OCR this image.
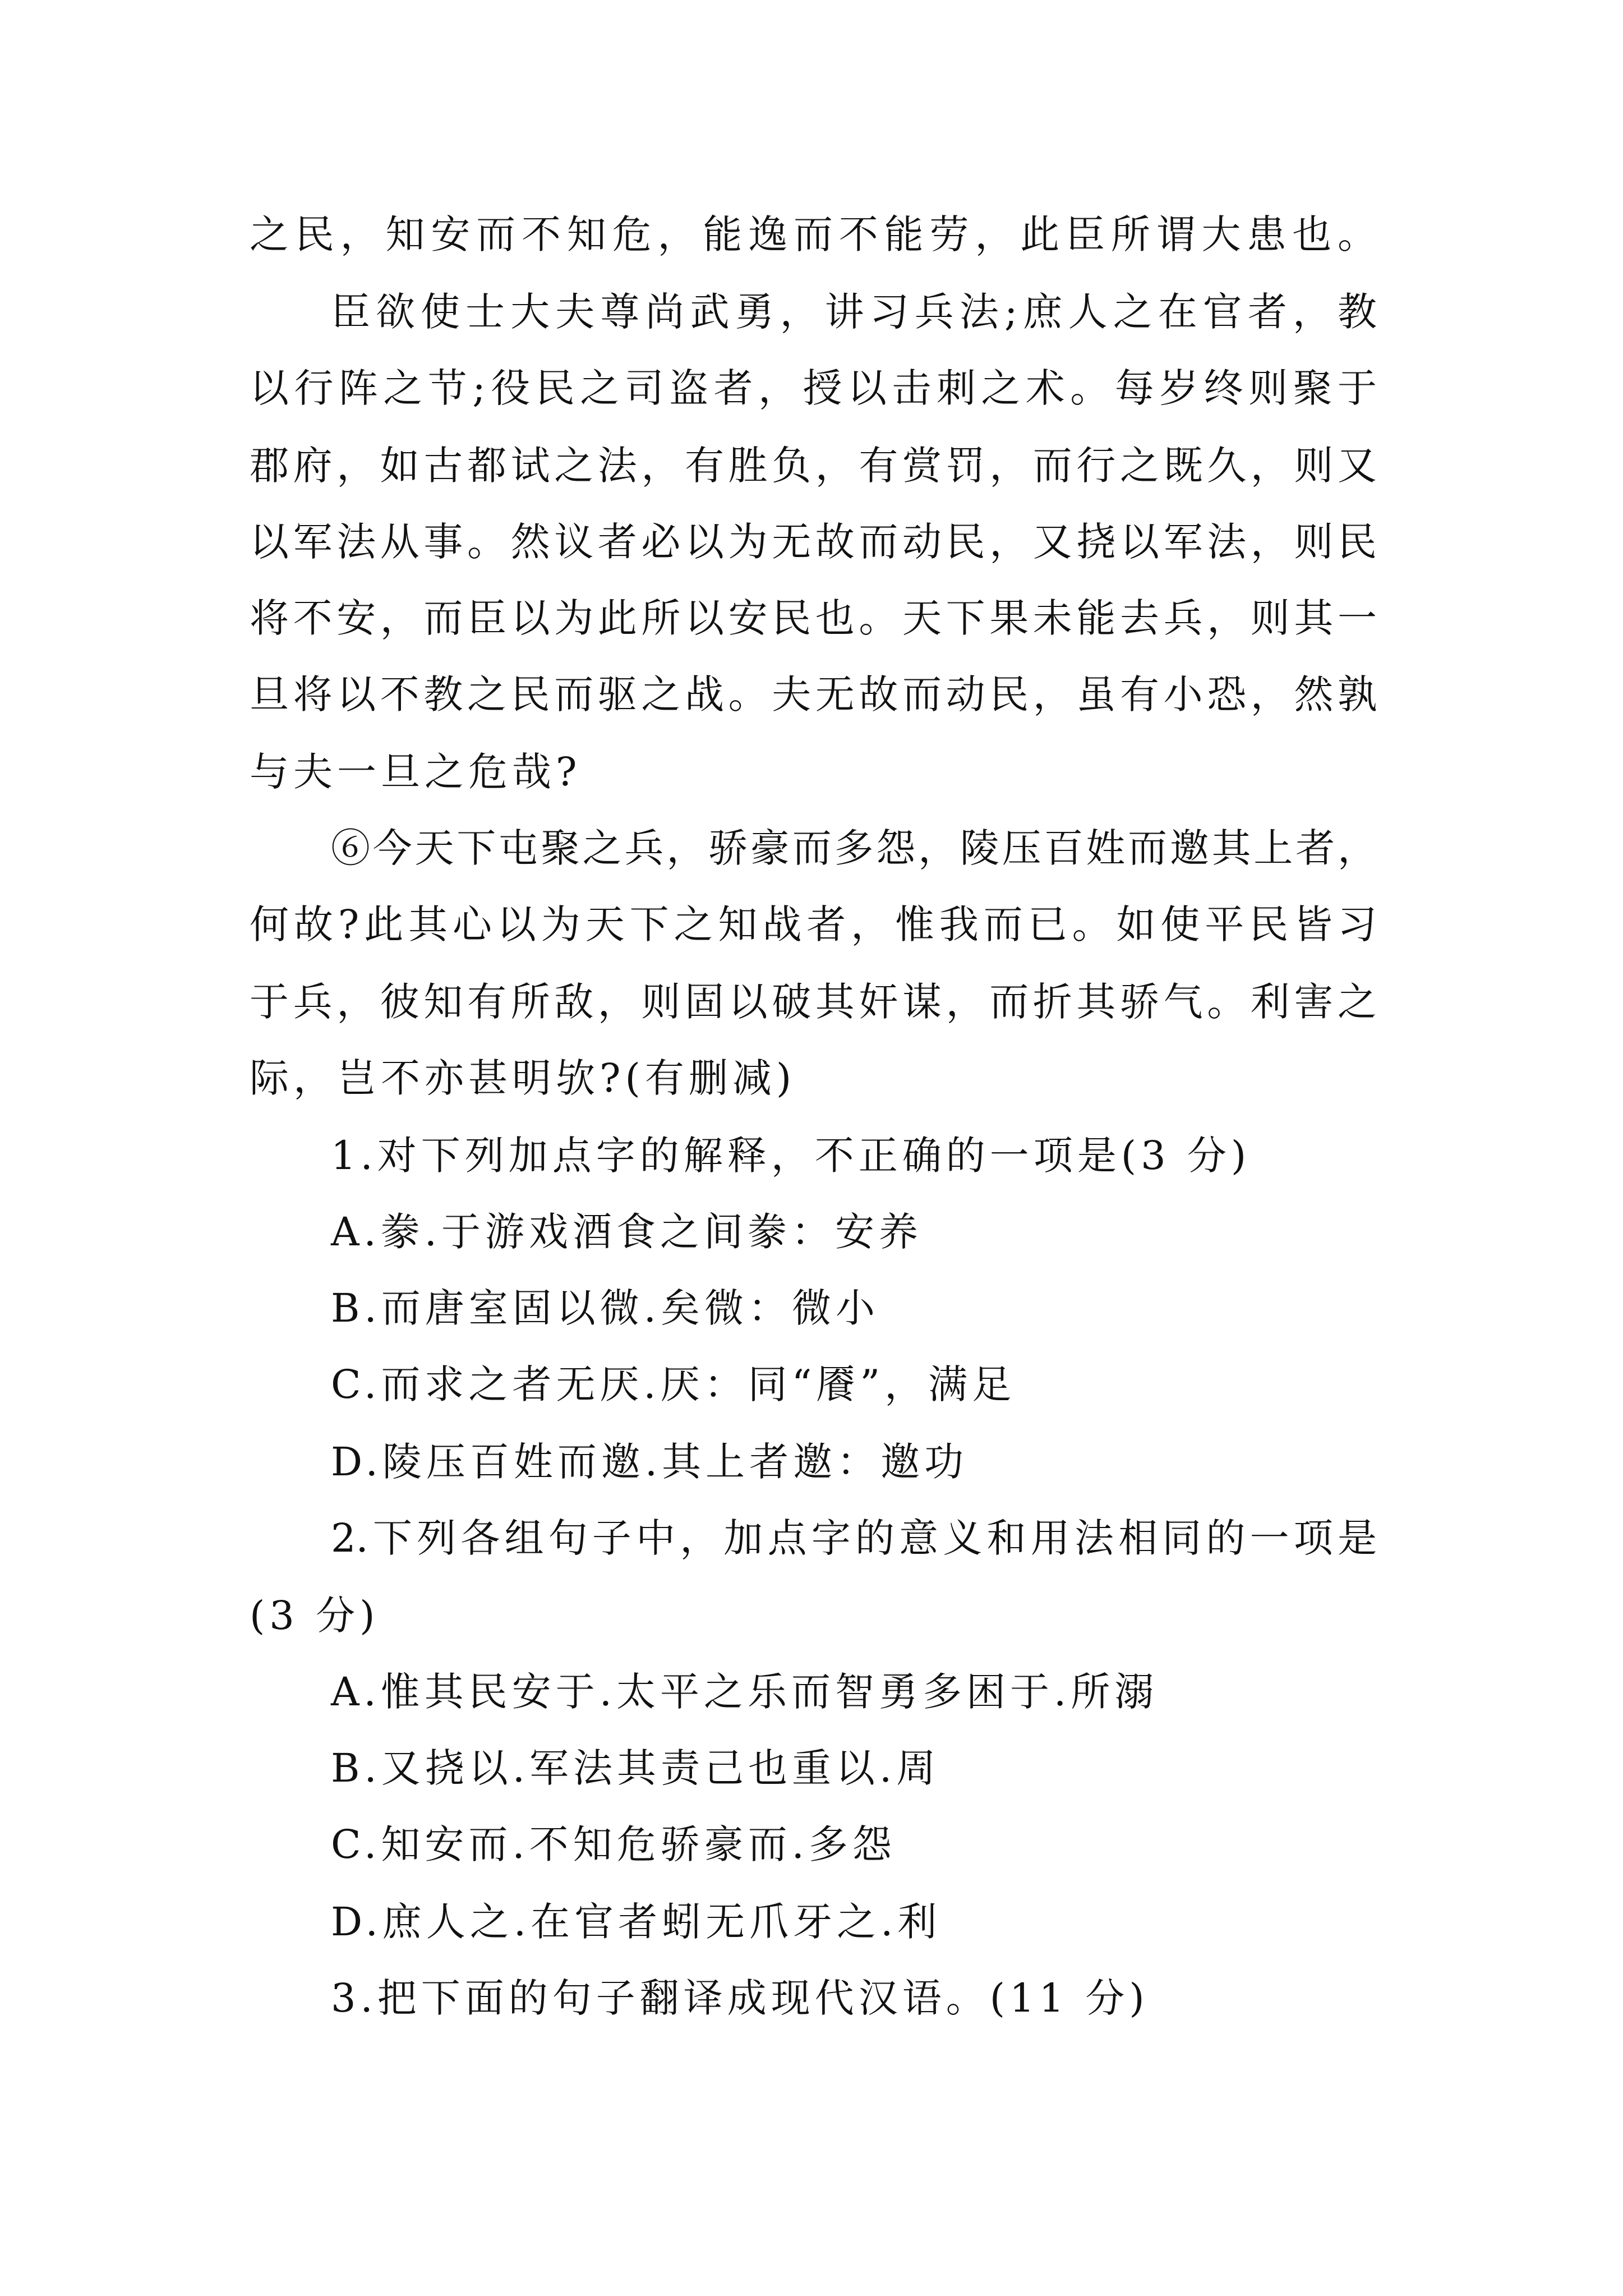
之民，知安而不知危，能逸而不能劳，此臣所谓大患也。
臣欲使士大夫尊尚武勇，讲习兵法;庶人之在官者，教
以行阵之节;役民之司盗者，授以击刺之术。每岁终则聚于
郡府，如古都试之法，有胜负，有赏罚，而行之既久，则又
以军法从事。然议者必以为无故而动民，又挠以军法，则民
将不安，而臣以为此所以安民也。天下果未能去兵，则其一
旦将以不教之民而驱之战。夫无故而动民，虽有小恐，然孰
与夫一旦之危哉?
⑥今天下屯聚之兵，骄豪而多怨，陵压百姓而邀其上者，
何故?此其心以为天下之知战者，惟我而已。如使平民皆习
于兵，彼知有所敌，则固以破其奸谋，而折其骄气。利害之
际，岂不亦甚明欤?(有删减)
1.对下列加点字的解释，不正确的一项是(3 分)
A.豢.于游戏酒食之间豢：安养
B.而唐室固以微.矣微：微小
C.而求之者无厌.厌：同“餍”，满足
D.陵压百姓而邀.其上者邀：邀功
2.下列各组句子中，加点字的意义和用法相同的一项是
(3 分)
A.惟其民安于.太平之乐而智勇多困于.所溺
B.又挠以.军法其责己也重以.周
C.知安而.不知危骄豪而.多怨
D.庶人之.在官者蚓无爪牙之.利
3.把下面的句子翻译成现代汉语。(11 分)
